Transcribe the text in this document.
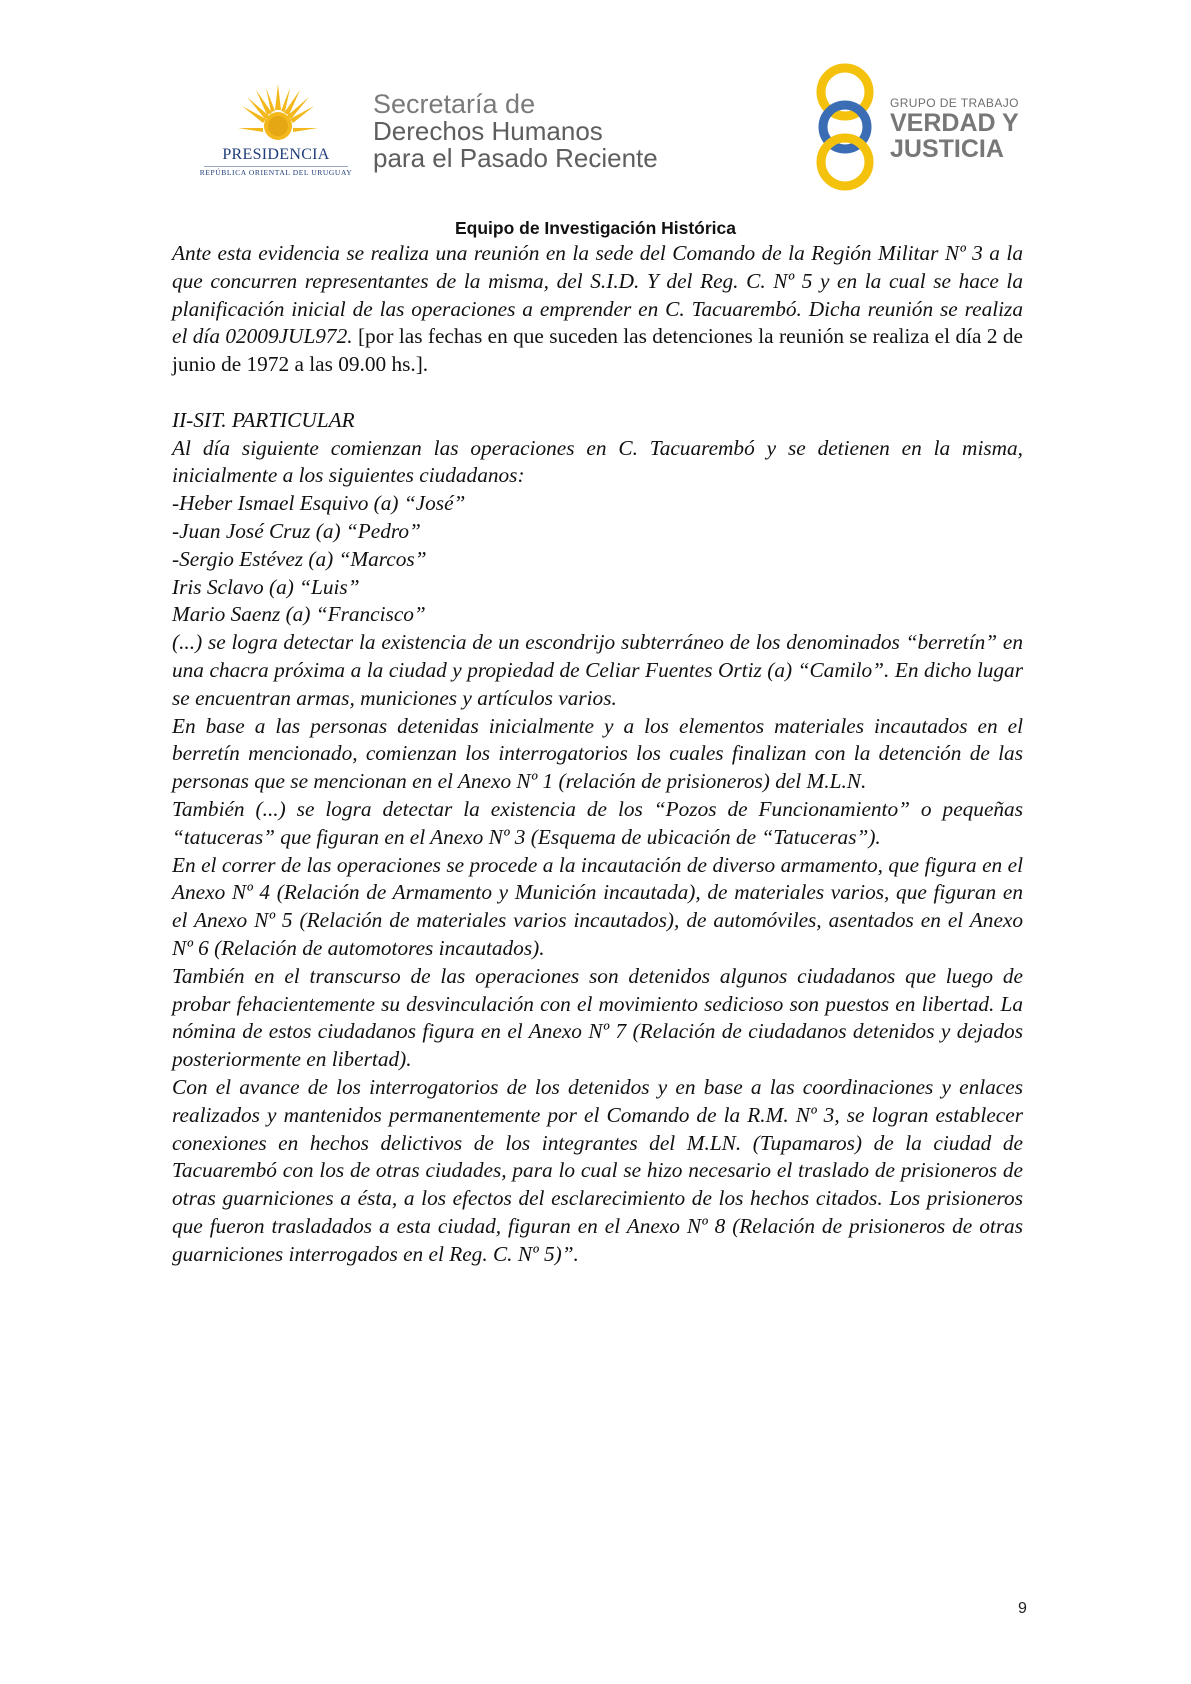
PRESIDENCIA
REPÚBLICA ORIENTAL DEL URUGUAY
Secretaría de
Derechos Humanos
para el Pasado Reciente
GRUPO DE TRABAJO
VERDAD Y
JUSTICIA
Equipo de Investigación Histórica

Ante esta evidencia se realiza una reunión en la sede del Comando de la Región Militar Nº 3 a la que concurren representantes de la misma, del S.I.D. Y del Reg. C. Nº 5 y en la cual se hace la planificación inicial de las operaciones a emprender en C. Tacuarembó. Dicha reunión se realiza el día 02009JUL972. [por las fechas en que suceden las detenciones la reunión se realiza el día 2 de junio de 1972 a las 09.00 hs.].

II-SIT. PARTICULAR

Al día siguiente comienzan las operaciones en C. Tacuarembó y se detienen en la misma, inicialmente a los siguientes ciudadanos:

-Heber Ismael Esquivo (a) “José”

-Juan José Cruz (a) “Pedro”

-Sergio Estévez (a) “Marcos”

Iris Sclavo (a) “Luis”

Mario Saenz (a) “Francisco”

(...) se logra detectar la existencia de un escondrijo subterráneo de los denominados “berretín” en una chacra próxima a la ciudad y propiedad de Celiar Fuentes Ortiz (a) “Camilo”. En dicho lugar se encuentran armas, municiones y artículos varios.

En base a las personas detenidas inicialmente y a los elementos materiales incautados en el berretín mencionado, comienzan los interrogatorios los cuales finalizan con la detención de las personas que se mencionan en el Anexo Nº 1 (relación de prisioneros) del M.L.N.

También (...) se logra detectar la existencia de los “Pozos de Funcionamiento” o pequeñas “tatuceras” que figuran en el Anexo Nº 3 (Esquema de ubicación de “Tatuceras”).

En el correr de las operaciones se procede a la incautación de diverso armamento, que figura en el Anexo Nº 4 (Relación de Armamento y Munición incautada), de materiales varios, que figuran en el Anexo Nº 5 (Relación de materiales varios incautados), de automóviles, asentados en el Anexo Nº 6 (Relación de automotores incautados).

También en el transcurso de las operaciones son detenidos algunos ciudadanos que luego de probar fehacientemente su desvinculación con el movimiento sedicioso son puestos en libertad. La nómina de estos ciudadanos figura en el Anexo Nº 7 (Relación de ciudadanos detenidos y dejados posteriormente en libertad).

Con el avance de los interrogatorios de los detenidos y en base a las coordinaciones y enlaces realizados y mantenidos permanentemente por el Comando de la R.M. Nº 3, se logran establecer conexiones en hechos delictivos de los integrantes del M.LN. (Tupamaros) de la ciudad de Tacuarembó con los de otras ciudades, para lo cual se hizo necesario el traslado de prisioneros de otras guarniciones a ésta, a los efectos del esclarecimiento de los hechos citados. Los prisioneros que fueron trasladados a esta ciudad, figuran en el Anexo Nº 8 (Relación de prisioneros de otras guarniciones interrogados en el Reg. C. Nº 5)”.

9
